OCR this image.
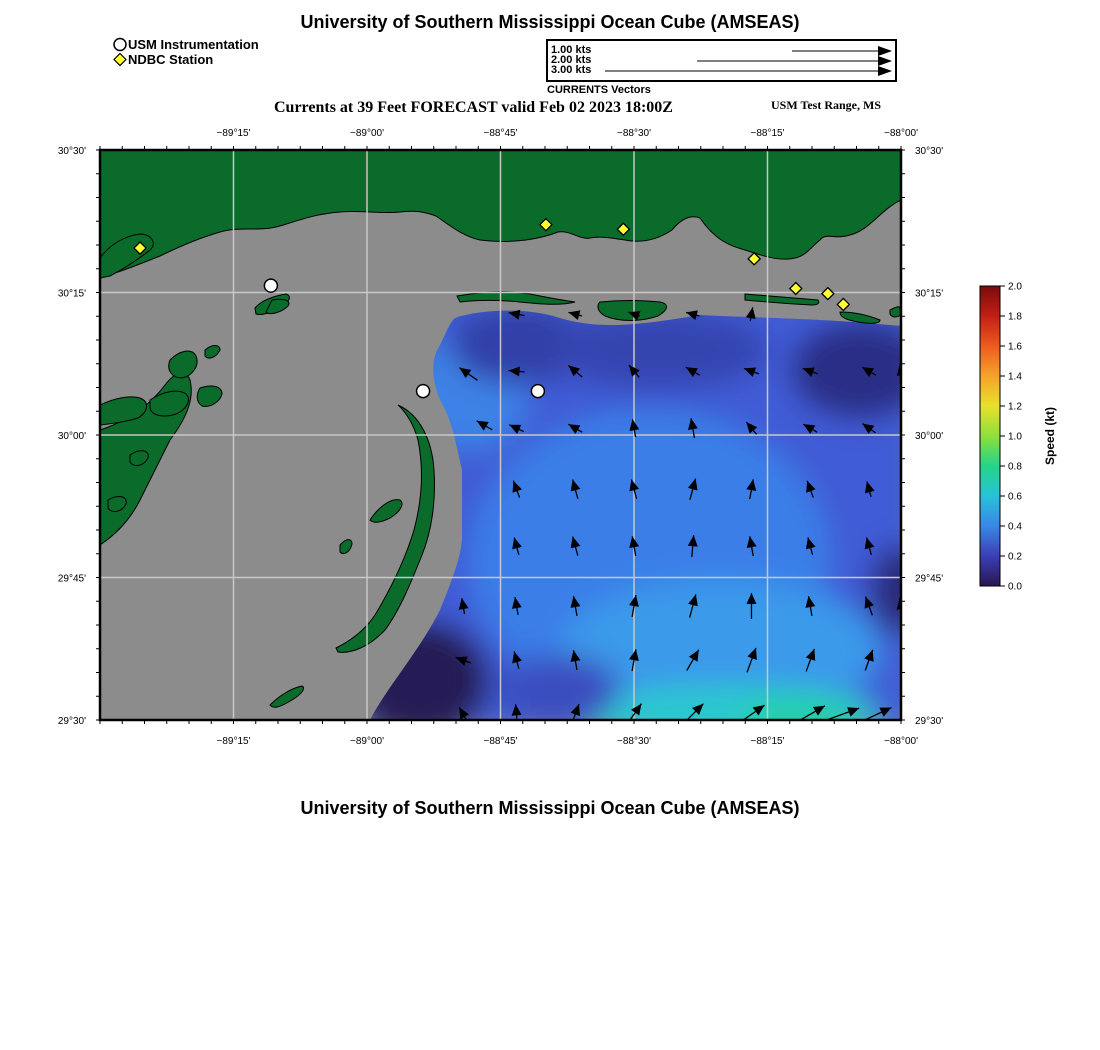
University of Southern Mississippi Ocean Cube (AMSEAS)
USM Instrumentation
NDBC Station
1.00 kts
2.00 kts
3.00 kts
CURRENTS Vectors
Currents at 39 Feet FORECAST valid Feb 02 2023 18:00Z	USM Test Range, MS
−89°15'
−89°15'
−89°00'
−89°00'
−88°45'
−88°45'
−88°30'
−88°30'
−88°15'
−88°15'
−88°00'
−88°00'
30°30'	30°30'
30°15'	30°15'
30°00'	30°00'
29°45'	29°45'
29°30'	29°30'
2.0
1.8
1.6
1.4
1.2
1.0
0.8
0.6
0.4
0.2
0.0
Speed (kt)
University of Southern Mississippi Ocean Cube (AMSEAS)
